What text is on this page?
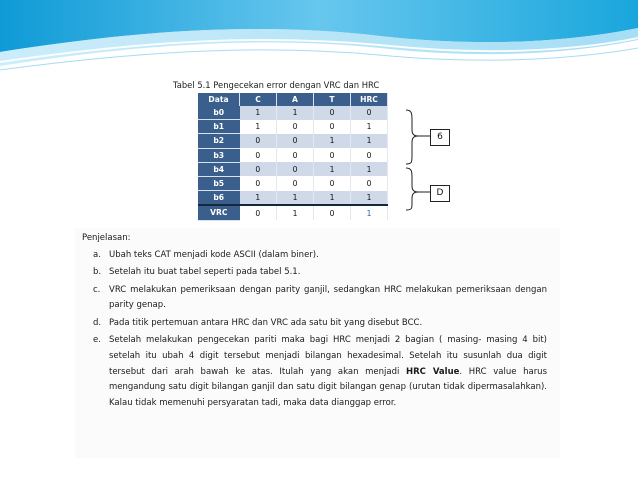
Tabel 5.1 Pengecekan error dengan VRC dan HRC
Data	C	A	T	HRC
b0	1	1	0	0
b1	1	0	0	1
b2	0	0	1	1
b3	0	0	0	0
b4	0	0	1	1
b5	0	0	0	0
b6	1	1	1	1
VRC	0	1	0	1
6
D
Penjelasan:
a. Ubah teks CAT menjadi kode ASCII (dalam biner).
b. Setelah itu buat tabel seperti pada tabel 5.1.
c. VRC melakukan pemeriksaan dengan parity ganjil, sedangkan HRC melakukan pemeriksaan dengan parity genap.
d. Pada titik pertemuan antara HRC dan VRC ada satu bit yang disebut BCC.
e. Setelah melakukan pengecekan pariti maka bagi HRC menjadi 2 bagian ( masing- masing 4 bit) setelah itu ubah 4 digit tersebut menjadi bilangan hexadesimal. Setelah itu susunlah dua digit tersebut dari arah bawah ke atas. Itulah yang akan menjadi HRC Value. HRC value harus mengandung satu digit bilangan ganjil dan satu digit bilangan genap (urutan tidak dipermasalahkan). Kalau tidak memenuhi persyaratan tadi, maka data dianggap error.
